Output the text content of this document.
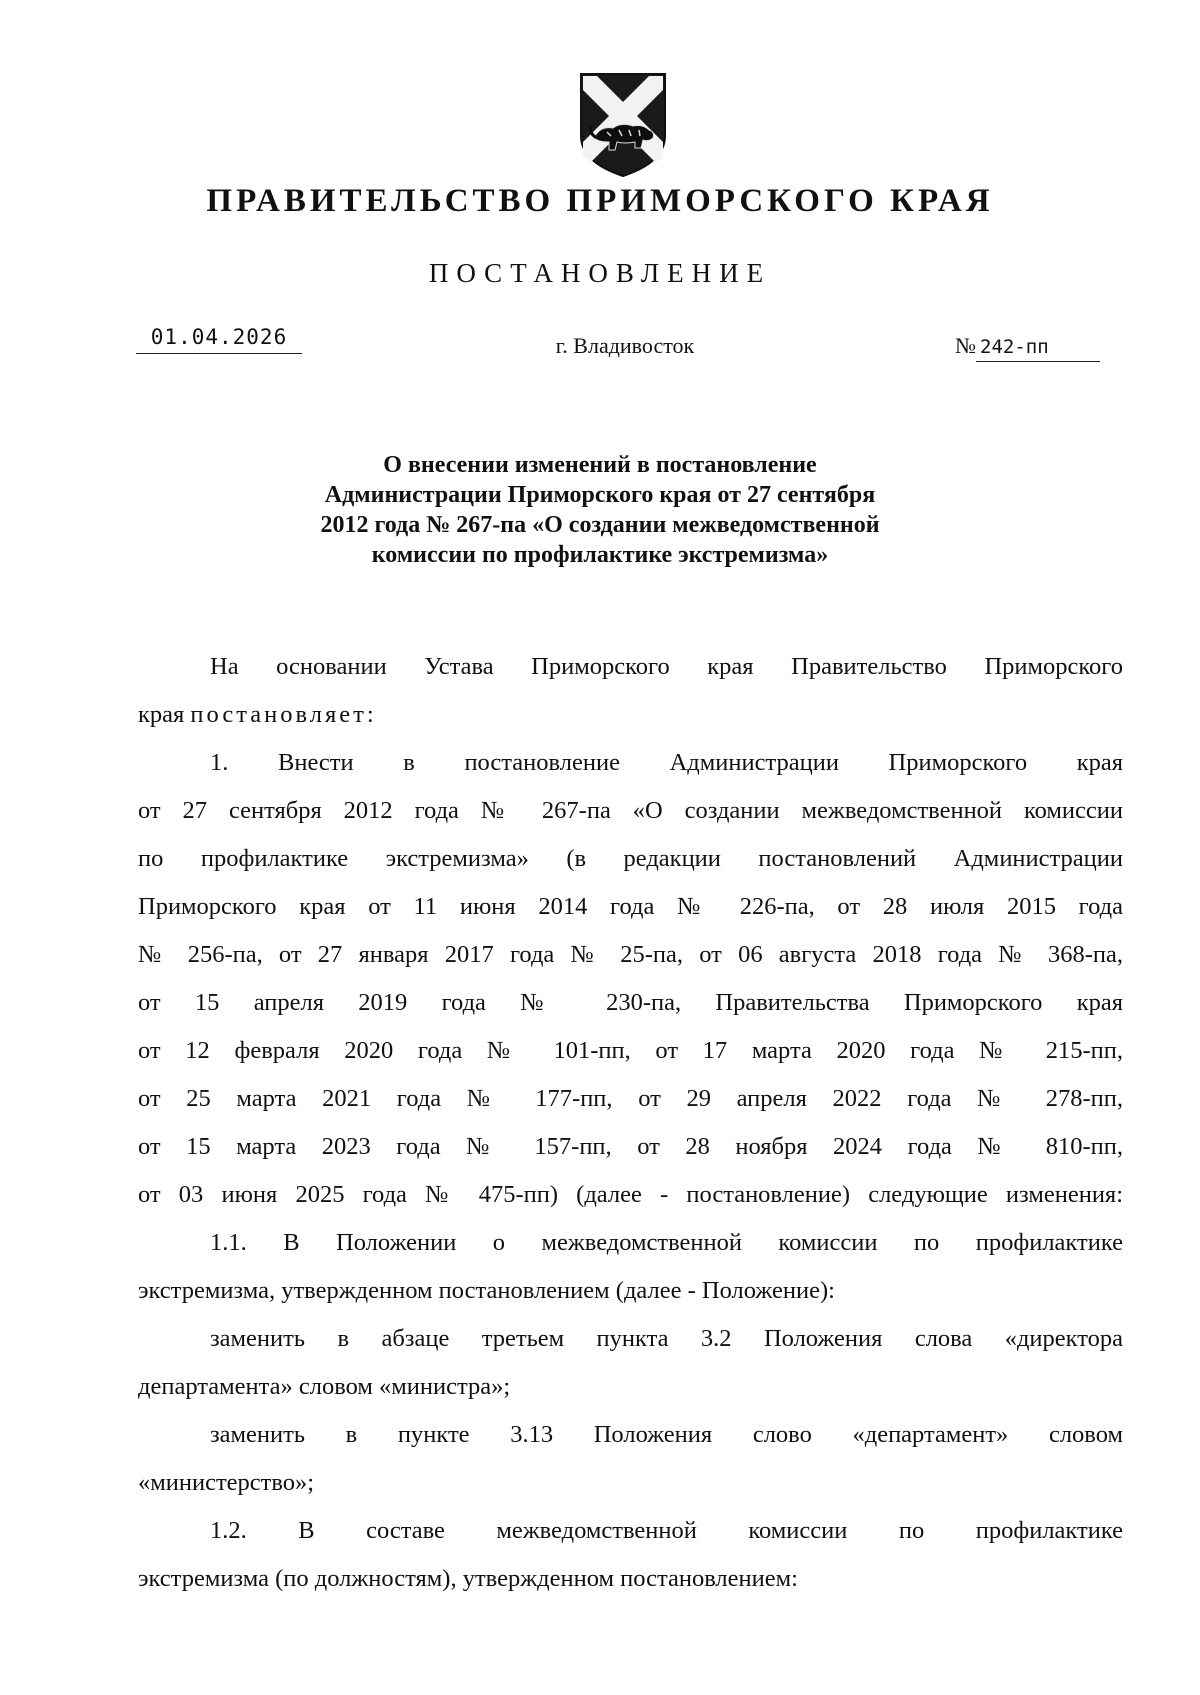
ПРАВИТЕЛЬСТВО ПРИМОРСКОГО КРАЯ
ПОСТАНОВЛЕНИЕ
01.04.2026	г. Владивосток	№ 242-пп
О внесении изменений в постановление
Администрации Приморского края от 27 сентября
2012 года № 267-па «О создании межведомственной
комиссии по профилактике экстремизма»
На основании Устава Приморского края Правительство Приморского
края постановляет:
1. Внести в постановление Администрации Приморского края
от 27 сентября 2012 года № 267-па «О создании межведомственной комиссии
по профилактике экстремизма» (в редакции постановлений Администрации
Приморского края от 11 июня 2014 года № 226-па, от 28 июля 2015 года
№ 256-па, от 27 января 2017 года № 25-па, от 06 августа 2018 года № 368-па,
от 15 апреля 2019 года № 230-па, Правительства Приморского края
от 12 февраля 2020 года № 101-пп, от 17 марта 2020 года № 215-пп,
от 25 марта 2021 года № 177-пп, от 29 апреля 2022 года № 278-пп,
от 15 марта 2023 года № 157-пп, от 28 ноября 2024 года № 810-пп,
от 03 июня 2025 года № 475-пп) (далее - постановление) следующие изменения:
1.1. В Положении о межведомственной комиссии по профилактике
экстремизма, утвержденном постановлением (далее - Положение):
заменить в абзаце третьем пункта 3.2 Положения слова «директора
департамента» словом «министра»;
заменить в пункте 3.13 Положения слово «департамент» словом
«министерство»;
1.2. В составе межведомственной комиссии по профилактике
экстремизма (по должностям), утвержденном постановлением:
